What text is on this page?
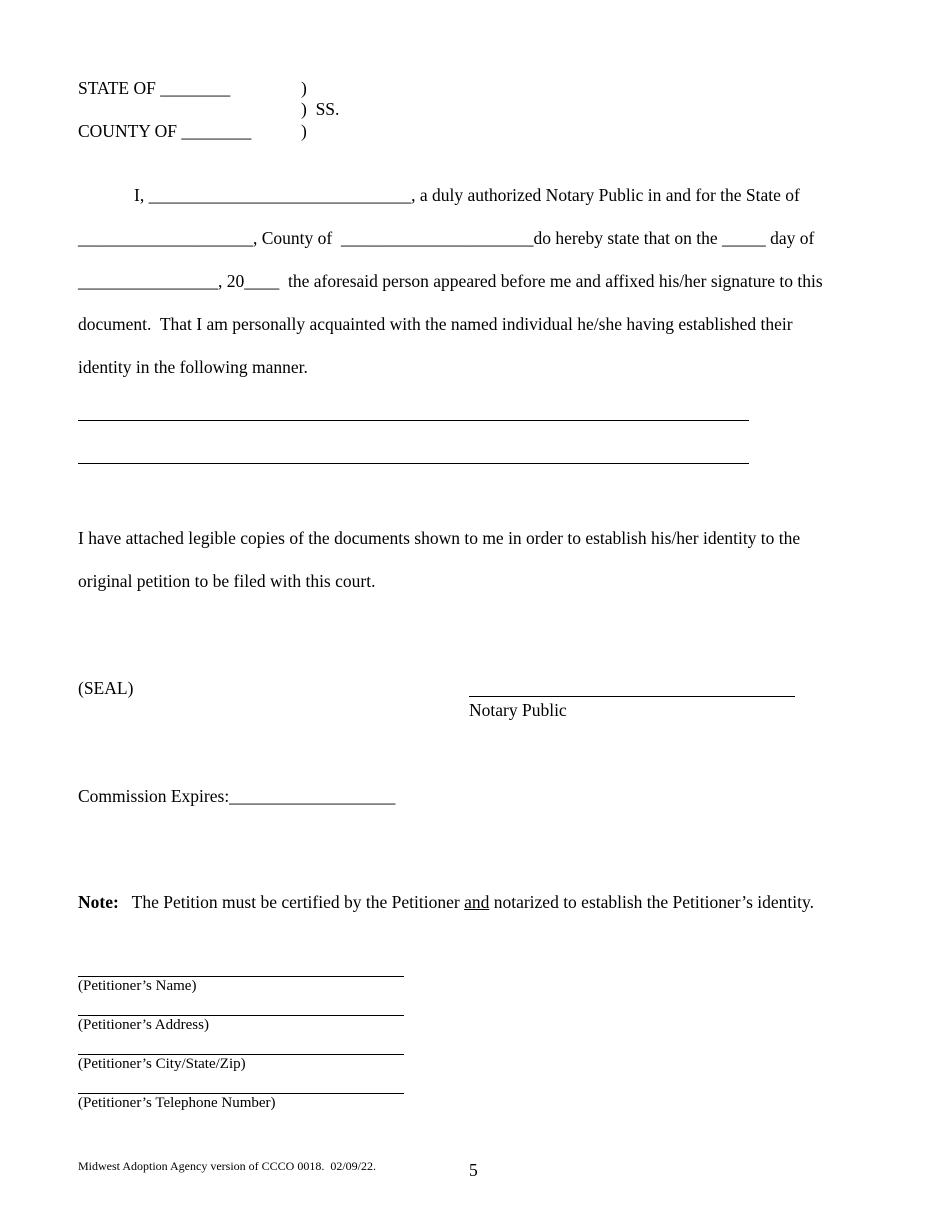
STATE OF ________
COUNTY OF ________
)
)  SS.
)
I, ______________________________, a duly authorized Notary Public in and for the State of
____________________, County of  ______________________do hereby state that on the _____ day of
________________, 20____  the aforesaid person appeared before me and affixed his/her signature to this
document.  That I am personally acquainted with the named individual he/she having established their
identity in the following manner.
I have attached legible copies of the documents shown to me in order to establish his/her identity to the
original petition to be filed with this court.
(SEAL)
Notary Public
Commission Expires:___________________
Note: The Petition must be certified by the Petitioner and notarized to establish the Petitioner’s identity.
(Petitioner’s Name)
(Petitioner’s Address)
(Petitioner’s City/State/Zip)
(Petitioner’s Telephone Number)
Midwest Adoption Agency version of CCCO 0018.  02/09/22.	5
